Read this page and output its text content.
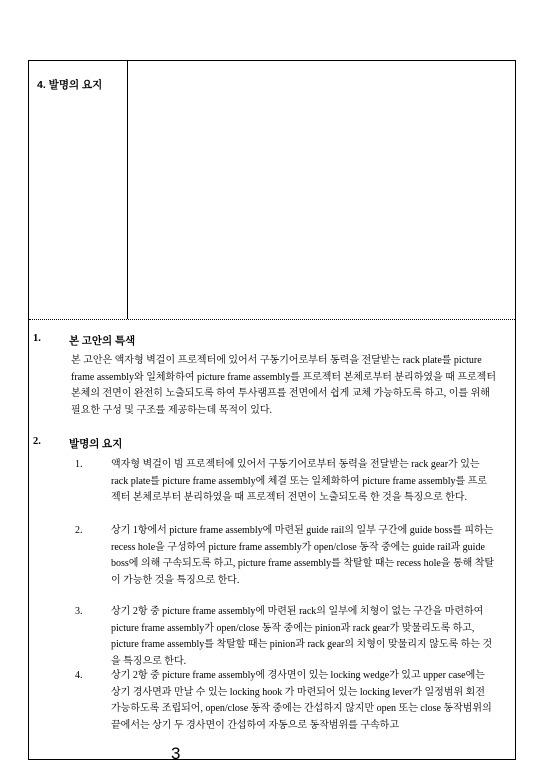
4. 발명의 요지
1.	본 고안의 특색

본 고안은 액자형 벽걸이 프로젝터에 있어서 구동기어로부터 동력을 전달받는 rack plate를 picture frame assembly와 일체화하여 picture frame assembly를 프로젝터 본체로부터 분리하였을 때 프로젝터 본체의 전면이 완전히 노출되도록 하여 투사램프를 전면에서 쉽게 교체 가능하도록 하고, 이를 위해 필요한 구성 및 구조를 제공하는데 목적이 있다.

2.	발명의 요지
1.	액자형 벽걸이 빔 프로젝터에 있어서 구동기어로부터 동력을 전달받는 rack gear가 있는 rack plate를 picture frame assembly에 체결 또는 일체화하여 picture frame assembly를 프로젝터 본체로부터 분리하였을 때 프로젝터 전면이 노출되도록 한 것을 특징으로 한다.

2.	상기 1항에서 picture frame assembly에 마련된 guide rail의 일부 구간에 guide boss를 피하는 recess hole을 구성하여 picture frame assembly가 open/close 동작 중에는 guide rail과 guide boss에 의해 구속되도록 하고, picture frame assembly를 착탈할 때는 recess hole을 통해 착탈이 가능한 것을 특징으로 한다.

3.	상기 2항 중 picture frame assembly에 마련된 rack의 일부에 치형이 없는 구간을 마련하여 picture frame assembly가 open/close 동작 중에는 pinion과 rack gear가 맞물리도록 하고, picture frame assembly를 착탈할 때는 pinion과 rack gear의 치형이 맞물리지 않도록 하는 것을 특징으로 한다.

4.	상기 2항 중 picture frame assembly에 경사면이 있는 locking wedge가 있고 upper case에는 상기 경사면과 만날 수 있는 locking hook 가 마련되어 있는 locking lever가 일정범위 회전 가능하도록 조립되어, open/close 동작 중에는 간섭하지 않지만 open 또는 close 동작범위의 끝에서는 상기 두 경사면이 간섭하여 자동으로 동작범위를 구속하고

3
